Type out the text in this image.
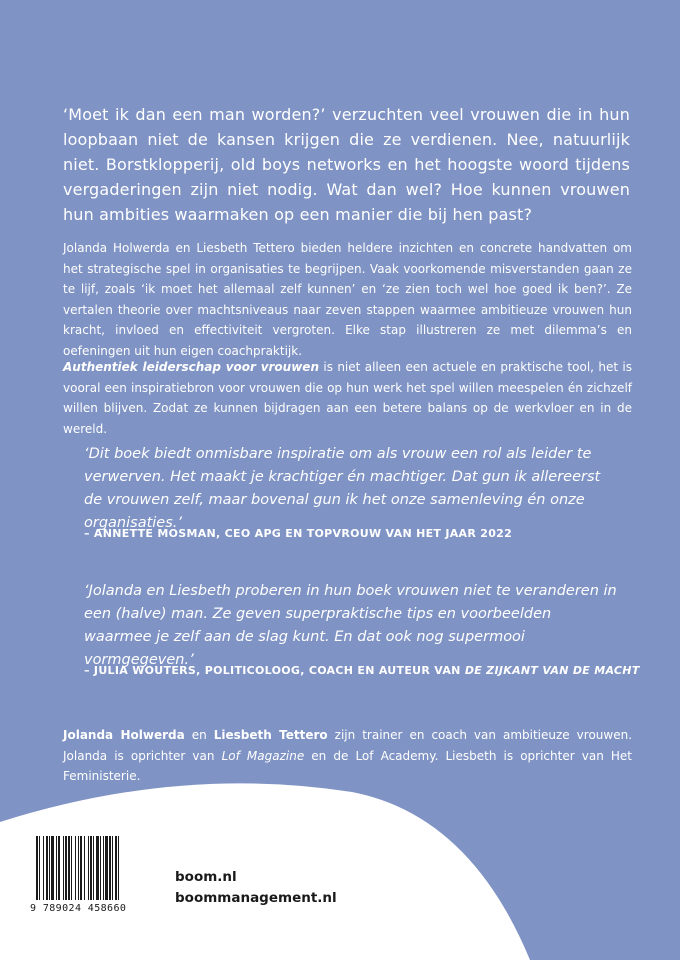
‘Moet ik dan een man worden?’ verzuchten veel vrouwen die in hun loopbaan niet de kansen krijgen die ze verdienen. Nee, natuurlijk niet. Borstklopperij, old boys networks en het hoogste woord tijdens vergaderingen zijn niet nodig. Wat dan wel? Hoe kunnen vrouwen hun ambities waarmaken op een manier die bij hen past?

Jolanda Holwerda en Liesbeth Tettero bieden heldere inzichten en concrete handvatten om het strategische spel in organisaties te begrijpen. Vaak voorkomende misverstanden gaan ze te lijf, zoals ‘ik moet het allemaal zelf kunnen’ en ‘ze zien toch wel hoe goed ik ben?’. Ze vertalen theorie over machtsniveaus naar zeven stappen waarmee ambitieuze vrouwen hun kracht, invloed en effectiviteit vergroten. Elke stap illustreren ze met dilemma’s en oefeningen uit hun eigen coachpraktijk.

Authentiek leiderschap voor vrouwen is niet alleen een actuele en praktische tool, het is vooral een inspiratiebron voor vrouwen die op hun werk het spel willen meespelen én zichzelf willen blijven. Zodat ze kunnen bijdragen aan een betere balans op de werkvloer en in de wereld.

‘Dit boek biedt onmisbare inspiratie om als vrouw een rol als leider te verwerven. Het maakt je krachtiger én machtiger. Dat gun ik allereerst de vrouwen zelf, maar bovenal gun ik het onze samenleving én onze organisaties.’

– ANNETTE MOSMAN, CEO APG EN TOPVROUW VAN HET JAAR 2022

‘Jolanda en Liesbeth proberen in hun boek vrouwen niet te veranderen in een (halve) man. Ze geven superpraktische tips en voorbeelden waarmee je zelf aan de slag kunt. En dat ook nog supermooi vormgegeven.’

– JULIA WOUTERS, POLITICOLOOG, COACH EN AUTEUR VAN DE ZIJKANT VAN DE MACHT

Jolanda Holwerda en Liesbeth Tettero zijn trainer en coach van ambitieuze vrouwen. Jolanda is oprichter van Lof Magazine en de Lof Academy. Liesbeth is oprichter van Het Feministerie.

9 789024 458660
boom.nl
boommanagement.nl
